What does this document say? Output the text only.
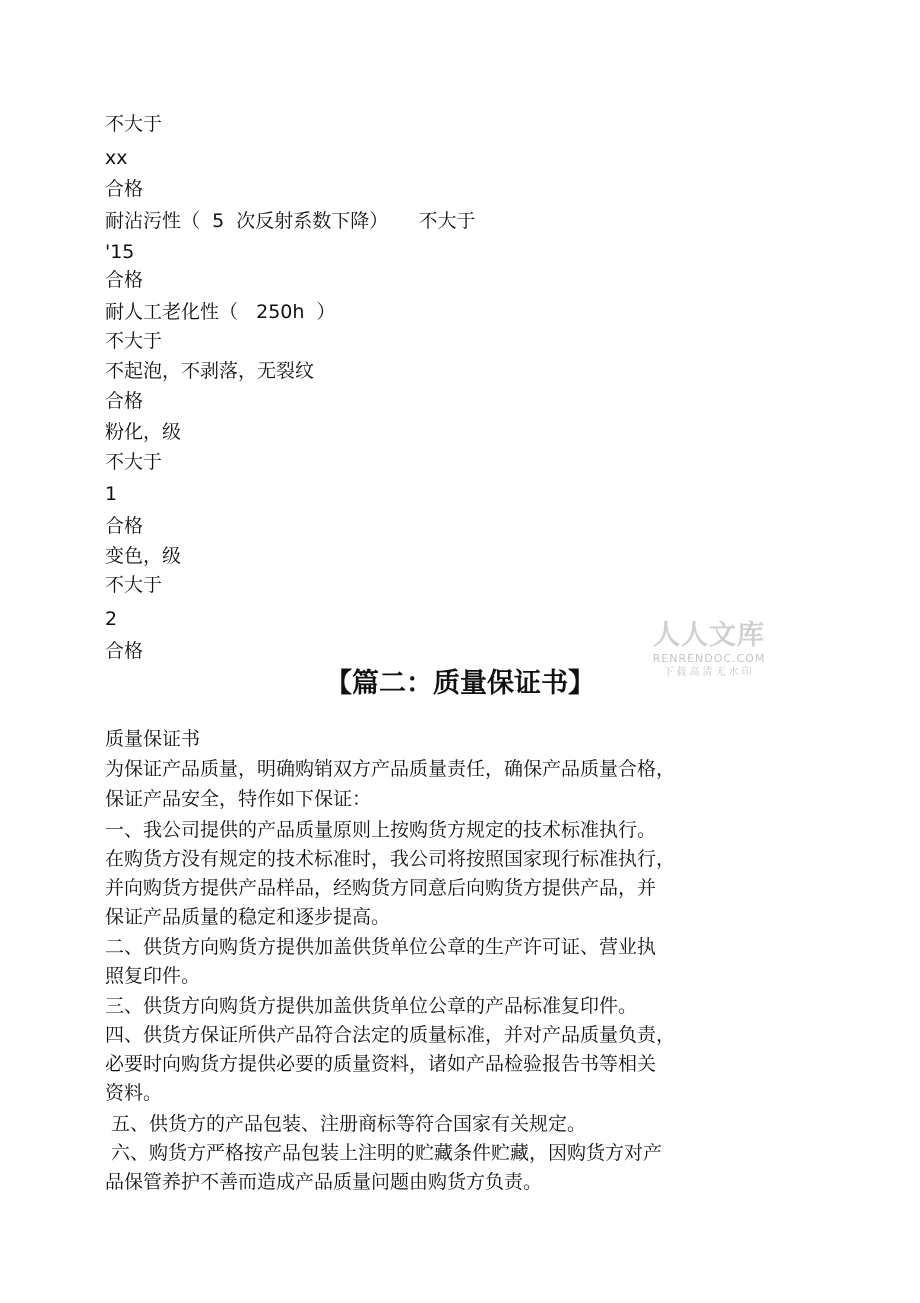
不大于
xx
合格
耐沾污性（  5  次反射系数下降）     不大于
'15
合格
耐人工老化性（   250h  ）
不大于
不起泡，不剥落，无裂纹
合格
粉化，级
不大于
1
合格
变色，级
不大于
2
合格	人人文库
RENRENDOC.COM
下载高清无水印
【篇二：质量保证书】
质量保证书
为保证产品质量，明确购销双方产品质量责任，确保产品质量合格，
保证产品安全，特作如下保证：
一、我公司提供的产品质量原则上按购货方规定的技术标准执行。
在购货方没有规定的技术标准时，我公司将按照国家现行标准执行，
并向购货方提供产品样品，经购货方同意后向购货方提供产品，并
保证产品质量的稳定和逐步提高。
二、供货方向购货方提供加盖供货单位公章的生产许可证、营业执
照复印件。
三、供货方向购货方提供加盖供货单位公章的产品标准复印件。
四、供货方保证所供产品符合法定的质量标准，并对产品质量负责，
必要时向购货方提供必要的质量资料，诸如产品检验报告书等相关
资料。
五、供货方的产品包装、注册商标等符合国家有关规定。
六、购货方严格按产品包装上注明的贮藏条件贮藏，因购货方对产
品保管养护不善而造成产品质量问题由购货方负责。
